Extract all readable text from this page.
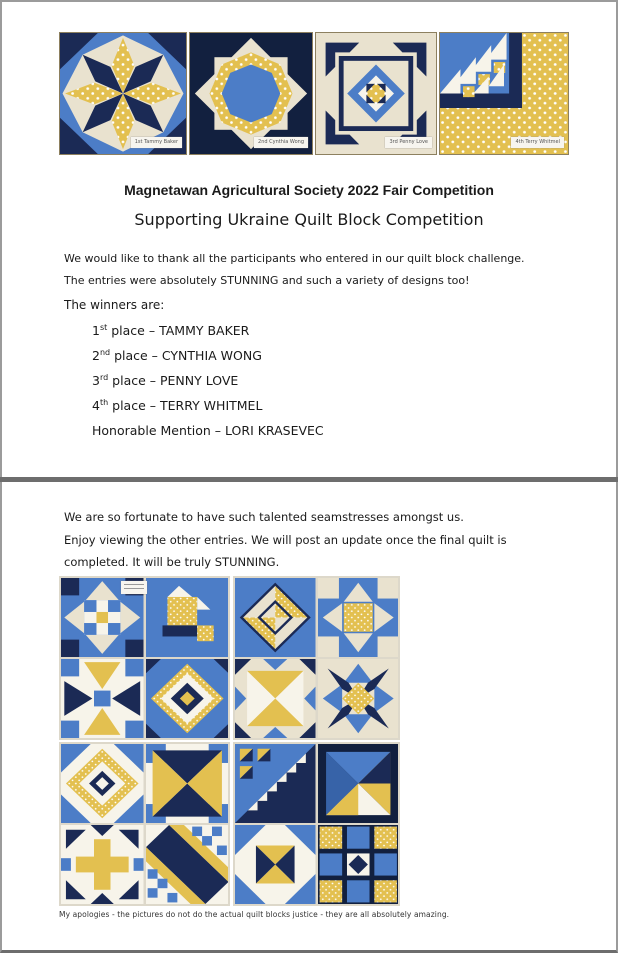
1st Tammy Baker	2nd Cynthia Wong	3rd Penny Love	4th Terry Whitmel
Magnetawan Agricultural Society 2022 Fair Competition
Supporting Ukraine Quilt Block Competition
We would like to thank all the participants who entered in our quilt block challenge.
The entries were absolutely STUNNING and such a variety of designs too!
The winners are:
1st place – TAMMY BAKER
2nd place – CYNTHIA WONG
3rd place – PENNY LOVE
4th place – TERRY WHITMEL
Honorable Mention – LORI KRASEVEC
We are so fortunate to have such talented seamstresses amongst us.
Enjoy viewing the other entries. We will post an update once the final quilt is
completed. It will be truly STUNNING.
My apologies - the pictures do not do the actual quilt blocks justice - they are all absolutely amazing.
